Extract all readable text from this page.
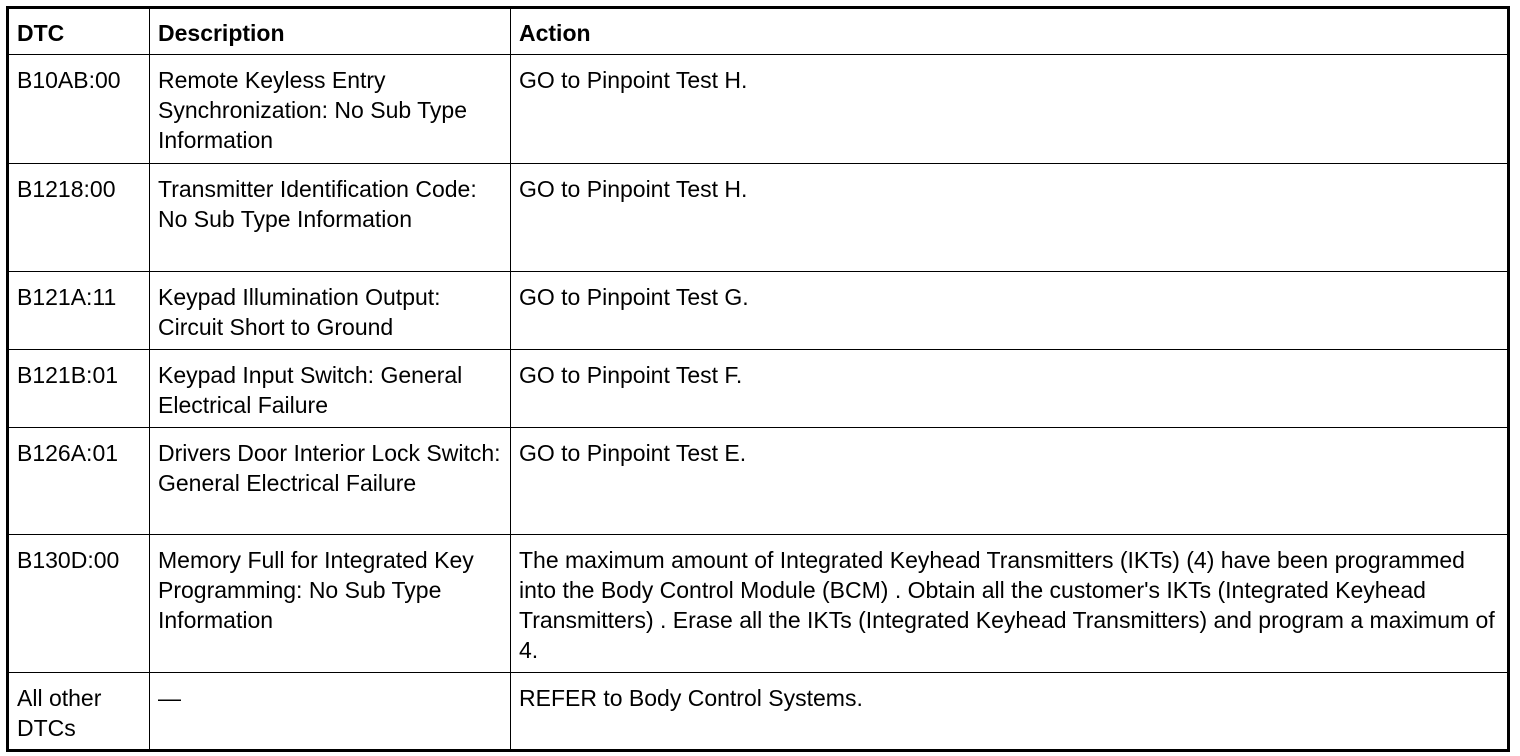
DTC	Description	Action
B10AB:00	Remote Keyless Entry Synchronization: No Sub Type Information	GO to Pinpoint Test H.
B1218:00	Transmitter Identification Code: No Sub Type Information	GO to Pinpoint Test H.
B121A:11	Keypad Illumination Output: Circuit Short to Ground	GO to Pinpoint Test G.
B121B:01	Keypad Input Switch: General Electrical Failure	GO to Pinpoint Test F.
B126A:01	Drivers Door Interior Lock Switch: General Electrical Failure	GO to Pinpoint Test E.
B130D:00	Memory Full for Integrated Key Programming: No Sub Type Information	The maximum amount of Integrated Keyhead Transmitters (IKTs) (4) have been programmed into the Body Control Module (BCM) . Obtain all the customer's IKTs (Integrated Keyhead Transmitters) . Erase all the IKTs (Integrated Keyhead Transmitters) and program a maximum of 4.
All other DTCs	—	REFER to Body Control Systems.
